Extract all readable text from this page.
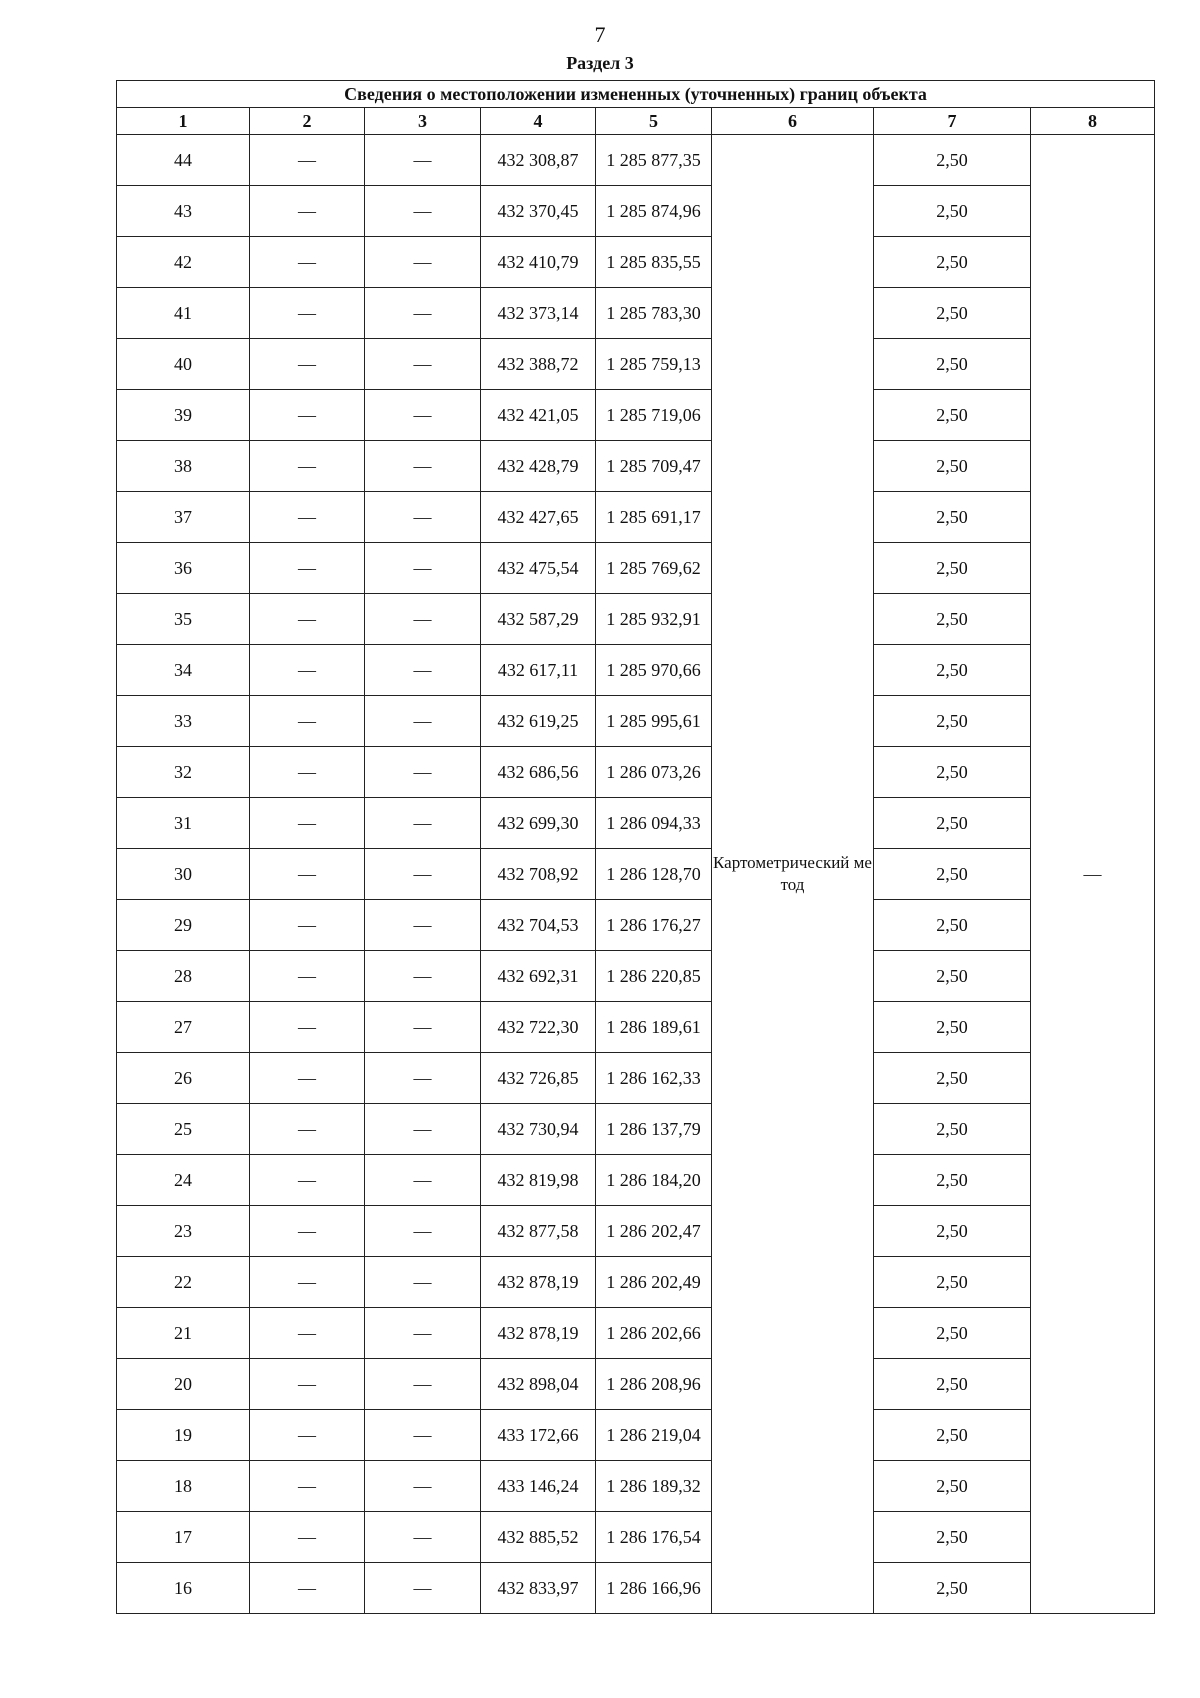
7
Раздел 3
Сведения о местоположении измененных (уточненных) границ объекта							
1	2	3	4	5	6	7	8
44	—	—	432 308,87	1 285 877,35	Картометрический метод	2,50	—
43	—	—	432 370,45	1 285 874,96		2,50	
42	—	—	432 410,79	1 285 835,55		2,50	
41	—	—	432 373,14	1 285 783,30		2,50	
40	—	—	432 388,72	1 285 759,13		2,50	
39	—	—	432 421,05	1 285 719,06		2,50	
38	—	—	432 428,79	1 285 709,47		2,50	
37	—	—	432 427,65	1 285 691,17		2,50	
36	—	—	432 475,54	1 285 769,62		2,50	
35	—	—	432 587,29	1 285 932,91		2,50	
34	—	—	432 617,11	1 285 970,66		2,50	
33	—	—	432 619,25	1 285 995,61		2,50	
32	—	—	432 686,56	1 286 073,26		2,50	
31	—	—	432 699,30	1 286 094,33		2,50	
30	—	—	432 708,92	1 286 128,70		2,50	
29	—	—	432 704,53	1 286 176,27		2,50	
28	—	—	432 692,31	1 286 220,85		2,50	
27	—	—	432 722,30	1 286 189,61		2,50	
26	—	—	432 726,85	1 286 162,33		2,50	
25	—	—	432 730,94	1 286 137,79		2,50	
24	—	—	432 819,98	1 286 184,20		2,50	
23	—	—	432 877,58	1 286 202,47		2,50	
22	—	—	432 878,19	1 286 202,49		2,50	
21	—	—	432 878,19	1 286 202,66		2,50	
20	—	—	432 898,04	1 286 208,96		2,50	
19	—	—	433 172,66	1 286 219,04		2,50	
18	—	—	433 146,24	1 286 189,32		2,50	
17	—	—	432 885,52	1 286 176,54		2,50	
16	—	—	432 833,97	1 286 166,96		2,50	
